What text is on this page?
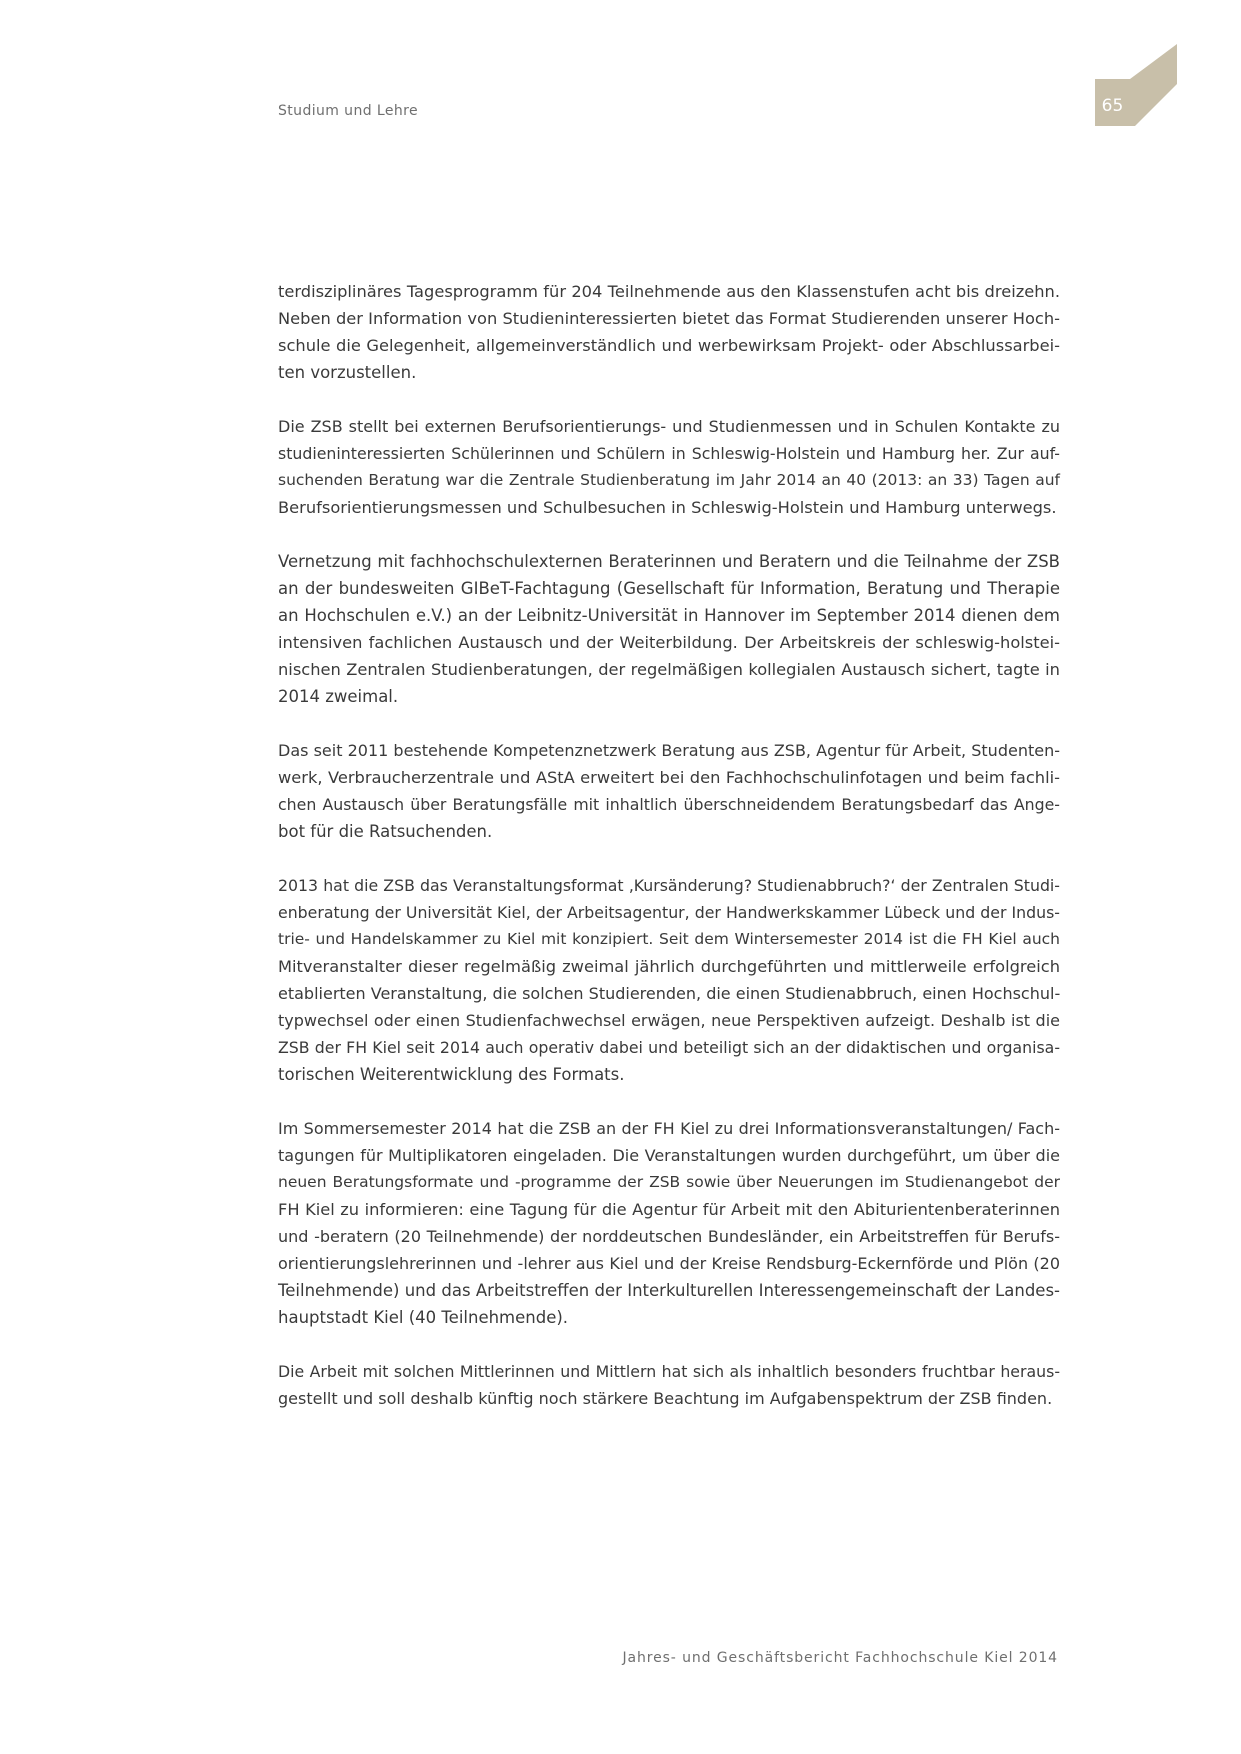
Studium und Lehre	65
terdisziplinäres Tagesprogramm für 204 Teilnehmende aus den Klassenstufen acht bis dreizehn.
Neben der Information von Studieninteressierten bietet das Format Studierenden unserer Hoch-
schule die Gelegenheit, allgemeinverständlich und werbewirksam Projekt- oder Abschlussarbei-
ten vorzustellen.
Die ZSB stellt bei externen Berufsorientierungs- und Studienmessen und in Schulen Kontakte zu
studieninteressierten Schülerinnen und Schülern in Schleswig-Holstein und Hamburg her. Zur auf-
suchenden Beratung war die Zentrale Studienberatung im Jahr 2014 an 40 (2013: an 33) Tagen auf
Berufsorientierungsmessen und Schulbesuchen in Schleswig-Holstein und Hamburg unterwegs.
Vernetzung mit fachhochschulexternen Beraterinnen und Beratern und die Teilnahme der ZSB
an der bundesweiten GIBeT-Fachtagung (Gesellschaft für Information, Beratung und Therapie
an Hochschulen e.V.) an der Leibnitz-Universität in Hannover im September 2014 dienen dem
intensiven fachlichen Austausch und der Weiterbildung. Der Arbeitskreis der schleswig-holstei-
nischen Zentralen Studienberatungen, der regelmäßigen kollegialen Austausch sichert, tagte in
2014 zweimal.
Das seit 2011 bestehende Kompetenznetzwerk Beratung aus ZSB, Agentur für Arbeit, Studenten-
werk, Verbraucherzentrale und AStA erweitert bei den Fachhochschulinfotagen und beim fachli-
chen Austausch über Beratungsfälle mit inhaltlich überschneidendem Beratungsbedarf das Ange-
bot für die Ratsuchenden.
2013 hat die ZSB das Veranstaltungsformat ‚Kursänderung? Studienabbruch?‘ der Zentralen Studi-
enberatung der Universität Kiel, der Arbeitsagentur, der Handwerkskammer Lübeck und der Indus-
trie- und Handelskammer zu Kiel mit konzipiert. Seit dem Wintersemester 2014 ist die FH Kiel auch
Mitveranstalter dieser regelmäßig zweimal jährlich durchgeführten und mittlerweile erfolgreich
etablierten Veranstaltung, die solchen Studierenden, die einen Studienabbruch, einen Hochschul-
typwechsel oder einen Studienfachwechsel erwägen, neue Perspektiven aufzeigt. Deshalb ist die
ZSB der FH Kiel seit 2014 auch operativ dabei und beteiligt sich an der didaktischen und organisa-
torischen Weiterentwicklung des Formats.
Im Sommersemester 2014 hat die ZSB an der FH Kiel zu drei Informationsveranstaltungen/ Fach-
tagungen für Multiplikatoren eingeladen. Die Veranstaltungen wurden durchgeführt, um über die
neuen Beratungsformate und -programme der ZSB sowie über Neuerungen im Studienangebot der
FH Kiel zu informieren: eine Tagung für die Agentur für Arbeit mit den Abiturientenberaterinnen
und -beratern (20 Teilnehmende) der norddeutschen Bundesländer, ein Arbeitstreffen für Berufs-
orientierungslehrerinnen und -lehrer aus Kiel und der Kreise Rendsburg-Eckernförde und Plön (20
Teilnehmende) und das Arbeitstreffen der Interkulturellen Interessengemeinschaft der Landes-
hauptstadt Kiel (40 Teilnehmende).
Die Arbeit mit solchen Mittlerinnen und Mittlern hat sich als inhaltlich besonders fruchtbar heraus-
gestellt und soll deshalb künftig noch stärkere Beachtung im Aufgabenspektrum der ZSB finden.
Jahres- und Geschäftsbericht Fachhochschule Kiel 2014
